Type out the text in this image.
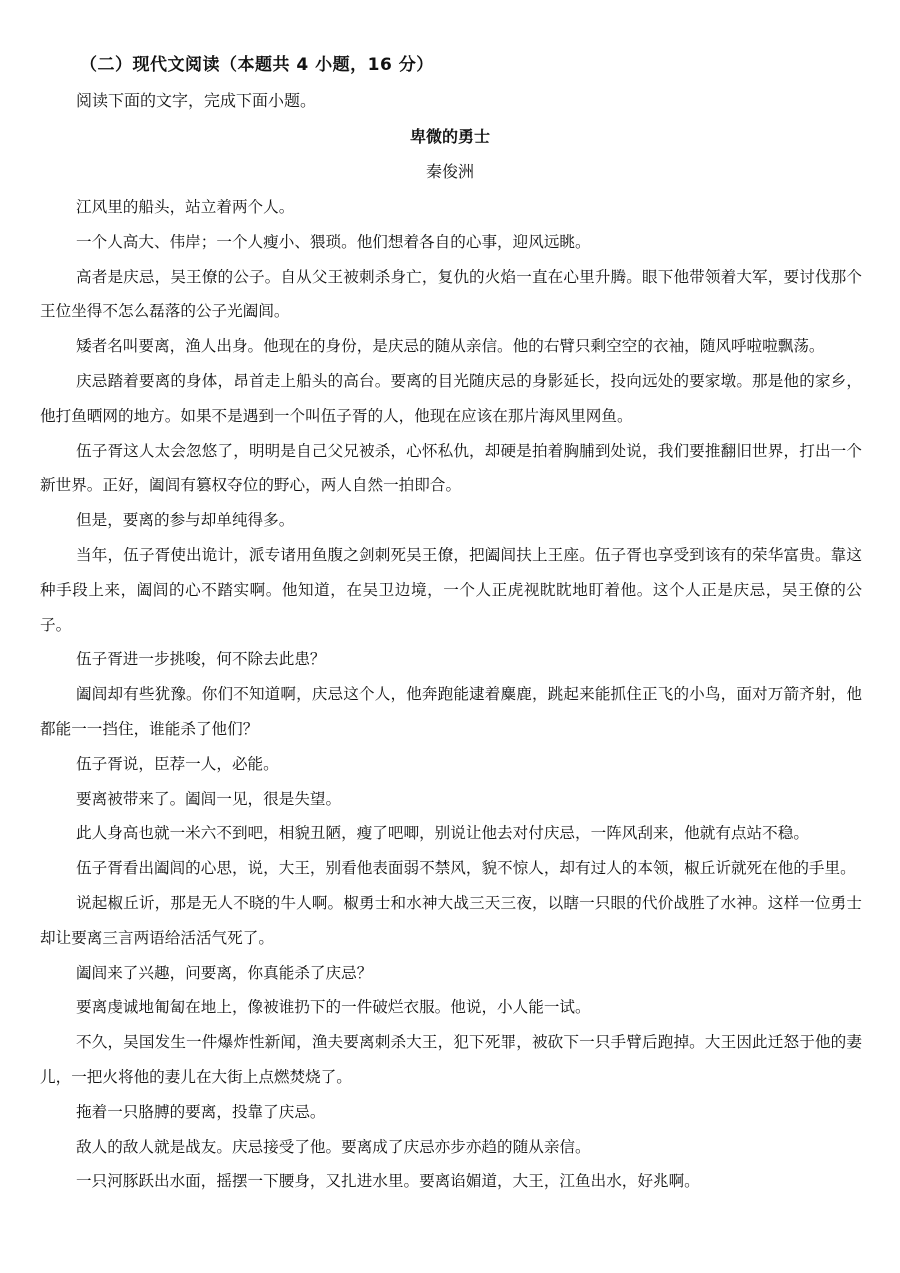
（二）现代文阅读（本题共 4 小题，16 分）
阅读下面的文字，完成下面小题。
卑微的勇士
秦俊洲

江风里的船头，站立着两个人。

一个人高大、伟岸；一个人瘦小、猥琐。他们想着各自的心事，迎风远眺。

高者是庆忌，吴王僚的公子。自从父王被刺杀身亡，复仇的火焰一直在心里升腾。眼下他带领着大军，要讨伐那个王位坐得不怎么磊落的公子光阖闾。

矮者名叫要离，渔人出身。他现在的身份，是庆忌的随从亲信。他的右臂只剩空空的衣袖，随风呼啦啦飘荡。

庆忌踏着要离的身体，昂首走上船头的高台。要离的目光随庆忌的身影延长，投向远处的要家墩。那是他的家乡，他打鱼晒网的地方。如果不是遇到一个叫伍子胥的人，他现在应该在那片海风里网鱼。

伍子胥这人太会忽悠了，明明是自己父兄被杀，心怀私仇，却硬是拍着胸脯到处说，我们要推翻旧世界，打出一个新世界。正好，阖闾有篡权夺位的野心，两人自然一拍即合。

但是，要离的参与却单纯得多。

当年，伍子胥使出诡计，派专诸用鱼腹之剑刺死吴王僚，把阖闾扶上王座。伍子胥也享受到该有的荣华富贵。靠这种手段上来，阖闾的心不踏实啊。他知道，在吴卫边境，一个人正虎视眈眈地盯着他。这个人正是庆忌，吴王僚的公子。

伍子胥进一步挑唆，何不除去此患？

阖闾却有些犹豫。你们不知道啊，庆忌这个人，他奔跑能逮着麋鹿，跳起来能抓住正飞的小鸟，面对万箭齐射，他都能一一挡住，谁能杀了他们？

伍子胥说，臣荐一人，必能。

要离被带来了。阖闾一见，很是失望。

此人身高也就一米六不到吧，相貌丑陋，瘦了吧唧，别说让他去对付庆忌，一阵风刮来，他就有点站不稳。

伍子胥看出阖闾的心思，说，大王，别看他表面弱不禁风，貌不惊人，却有过人的本领，椒丘䜣就死在他的手里。

说起椒丘䜣，那是无人不晓的牛人啊。椒勇士和水神大战三天三夜，以瞎一只眼的代价战胜了水神。这样一位勇士却让要离三言两语给活活气死了。

阖闾来了兴趣，问要离，你真能杀了庆忌？

要离虔诚地匍匐在地上，像被谁扔下的一件破烂衣服。他说，小人能一试。

不久，吴国发生一件爆炸性新闻，渔夫要离刺杀大王，犯下死罪，被砍下一只手臂后跑掉。大王因此迁怒于他的妻儿，一把火将他的妻儿在大街上点燃焚烧了。

拖着一只胳膊的要离，投靠了庆忌。

敌人的敌人就是战友。庆忌接受了他。要离成了庆忌亦步亦趋的随从亲信。

一只河豚跃出水面，摇摆一下腰身，又扎进水里。要离谄媚道，大王，江鱼出水，好兆啊。
